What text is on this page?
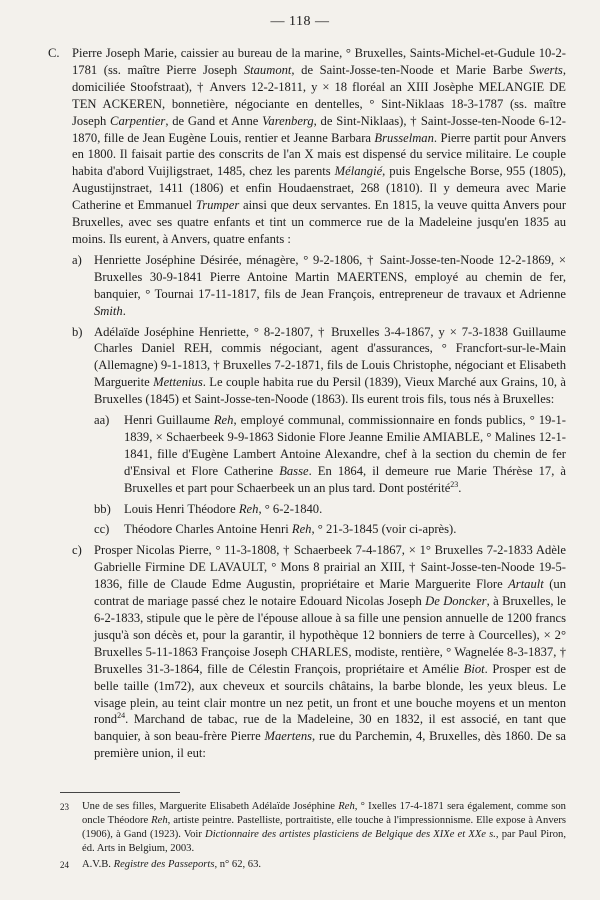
— 118 —
C. Pierre Joseph Marie, caissier au bureau de la marine, ° Bruxelles, Saints-Michel-et-Gudule 10-2-1781 (ss. maître Pierre Joseph Staumont, de Saint-Josse-ten-Noode et Marie Barbe Swerts, domiciliée Stoofstraat), † Anvers 12-2-1811, y × 18 floréal an XIII Josèphe MELANGIE DE TEN ACKEREN, bonnetière, négociante en dentelles, ° Sint-Niklaas 18-3-1787 (ss. maître Joseph Carpentier, de Gand et Anne Varenberg, de Sint-Niklaas), † Saint-Josse-ten-Noode 6-12-1870, fille de Jean Eugène Louis, rentier et Jeanne Barbara Brusselman. Pierre partit pour Anvers en 1800. Il faisait partie des conscrits de l'an X mais est dispensé du service militaire. Le couple habita d'abord Vuijligstraet, 1485, chez les parents Mélangié, puis Engelsche Borse, 955 (1805), Augustijnstraet, 1411 (1806) et enfin Houdaenstraet, 268 (1810). Il y demeura avec Marie Catherine et Emmanuel Trumper ainsi que deux servantes. En 1815, la veuve quitta Anvers pour Bruxelles, avec ses quatre enfants et tint un commerce rue de la Madeleine jusqu'en 1835 au moins. Ils eurent, à Anvers, quatre enfants :
a) Henriette Joséphine Désirée, ménagère, ° 9-2-1806, † Saint-Josse-ten-Noode 12-2-1869, × Bruxelles 30-9-1841 Pierre Antoine Martin MAERTENS, employé au chemin de fer, banquier, ° Tournai 17-11-1817, fils de Jean François, entrepreneur de travaux et Adrienne Smith.
b) Adélaïde Joséphine Henriette, ° 8-2-1807, † Bruxelles 3-4-1867, y × 7-3-1838 Guillaume Charles Daniel REH, commis négociant, agent d'assurances, ° Francfort-sur-le-Main (Allemagne) 9-1-1813, † Bruxelles 7-2-1871, fils de Louis Christophe, négociant et Elisabeth Marguerite Mettenius. Le couple habita rue du Persil (1839), Vieux Marché aux Grains, 10, à Bruxelles (1845) et Saint-Josse-ten-Noode (1863). Ils eurent trois fils, tous nés à Bruxelles:
aa) Henri Guillaume Reh, employé communal, commissionnaire en fonds publics, ° 19-1-1839, × Schaerbeek 9-9-1863 Sidonie Flore Jeanne Emilie AMIABLE, ° Malines 12-1-1841, fille d'Eugène Lambert Antoine Alexandre, chef à la section du chemin de fer d'Ensival et Flore Catherine Basse. En 1864, il demeure rue Marie Thérèse 17, à Bruxelles et part pour Schaerbeek un an plus tard. Dont postérité$^{23}$.
bb) Louis Henri Théodore Reh, ° 6-2-1840.
cc) Théodore Charles Antoine Henri Reh, ° 21-3-1845 (voir ci-après).
c) Prosper Nicolas Pierre, ° 11-3-1808, † Schaerbeek 7-4-1867, × 1° Bruxelles 7-2-1833 Adèle Gabrielle Firmine DE LAVAULT, ° Mons 8 prairial an XIII, † Saint-Josse-ten-Noode 19-5-1836, fille de Claude Edme Augustin, propriétaire et Marie Marguerite Flore Artault (un contrat de mariage passé chez le notaire Edouard Nicolas Joseph De Doncker, à Bruxelles, le 6-2-1833, stipule que le père de l'épouse alloue à sa fille une pension annuelle de 1200 francs jusqu'à son décès et, pour la garantir, il hypothèque 12 bonniers de terre à Courcelles), × 2° Bruxelles 5-11-1863 Françoise Joseph CHARLES, modiste, rentière, ° Wagnelée 8-3-1837, † Bruxelles 31-3-1864, fille de Célestin François, propriétaire et Amélie Biot. Prosper est de belle taille (1m72), aux cheveux et sourcils châtains, la barbe blonde, les yeux bleus. Le visage plein, au teint clair montre un nez petit, un front et une bouche moyens et un menton rond$^{24}$. Marchand de tabac, rue de la Madeleine, 30 en 1832, il est associé, en tant que banquier, à son beau-frère Pierre Maertens, rue du Parchemin, 4, Bruxelles, dès 1860. De sa première union, il eut:
23 Une de ses filles, Marguerite Elisabeth Adélaïde Joséphine Reh, ° Ixelles 17-4-1871 sera également, comme son oncle Théodore Reh, artiste peintre. Pastelliste, portraitiste, elle touche à l'impressionnisme. Elle expose à Anvers (1906), à Gand (1923). Voir Dictionnaire des artistes plasticiens de Belgique des XIXe et XXe s., par Paul Piron, éd. Arts in Belgium, 2003.
24 A.V.B. Registre des Passeports, n° 62, 63.
